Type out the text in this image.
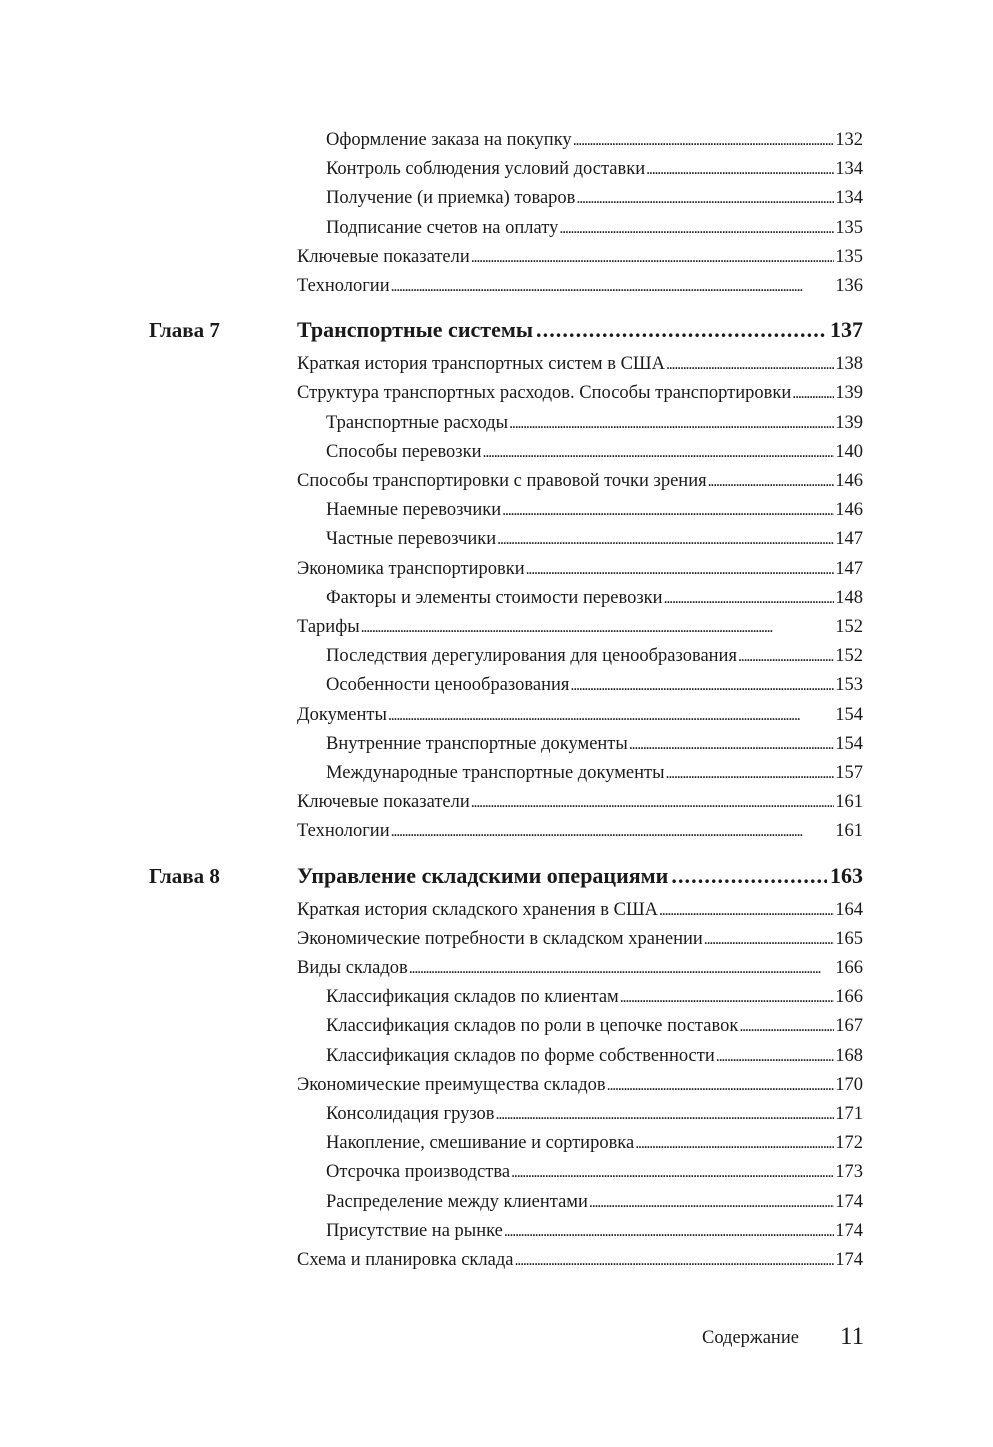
Оформление заказа на покупку . . .	132
Контроль соблюдения условий доставки . . .	134
Получение (и приемка) товаров . . .	134
Подписание счетов на оплату . . .	135
Ключевые показатели . . .	135
Технологии . . .	136
Глава 7	Транспортные системы . . .	137
Краткая история транспортных систем в США . . .	138
Структура транспортных расходов. Способы транспортировки . . . 139
Транспортные расходы . . .	139
Способы перевозки . . .	140
Способы транспортировки с правовой точки зрения . . .	146
Наемные перевозчики . . .	146
Частные перевозчики . . .	147
Экономика транспортировки . . .	147
Факторы и элементы стоимости перевозки . . .	148
Тарифы . . .	152
Последствия дерегулирования для ценообразования . . .	152
Особенности ценообразования . . .	153
Документы . . .	154
Внутренние транспортные документы . . .	154
Международные транспортные документы . . .	157
Ключевые показатели . . .	161
Технологии . . .	161
Глава 8	Управление складскими операциями . . .	163
Краткая история складского хранения в США . . .	164
Экономические потребности в складском хранении . . .	165
Виды складов . . .	166
Классификация складов по клиентам . . .	166
Классификация складов по роли в цепочке поставок . . .	167
Классификация складов по форме собственности . . .	168
Экономические преимущества складов . . .	170
Консолидация грузов . . .	171
Накопление, смешивание и сортировка . . .	172
Отсрочка производства . . .	173
Распределение между клиентами . . .	174
Присутствие на рынке . . .	174
Схема и планировка склада . . .	174
Содержание 11
